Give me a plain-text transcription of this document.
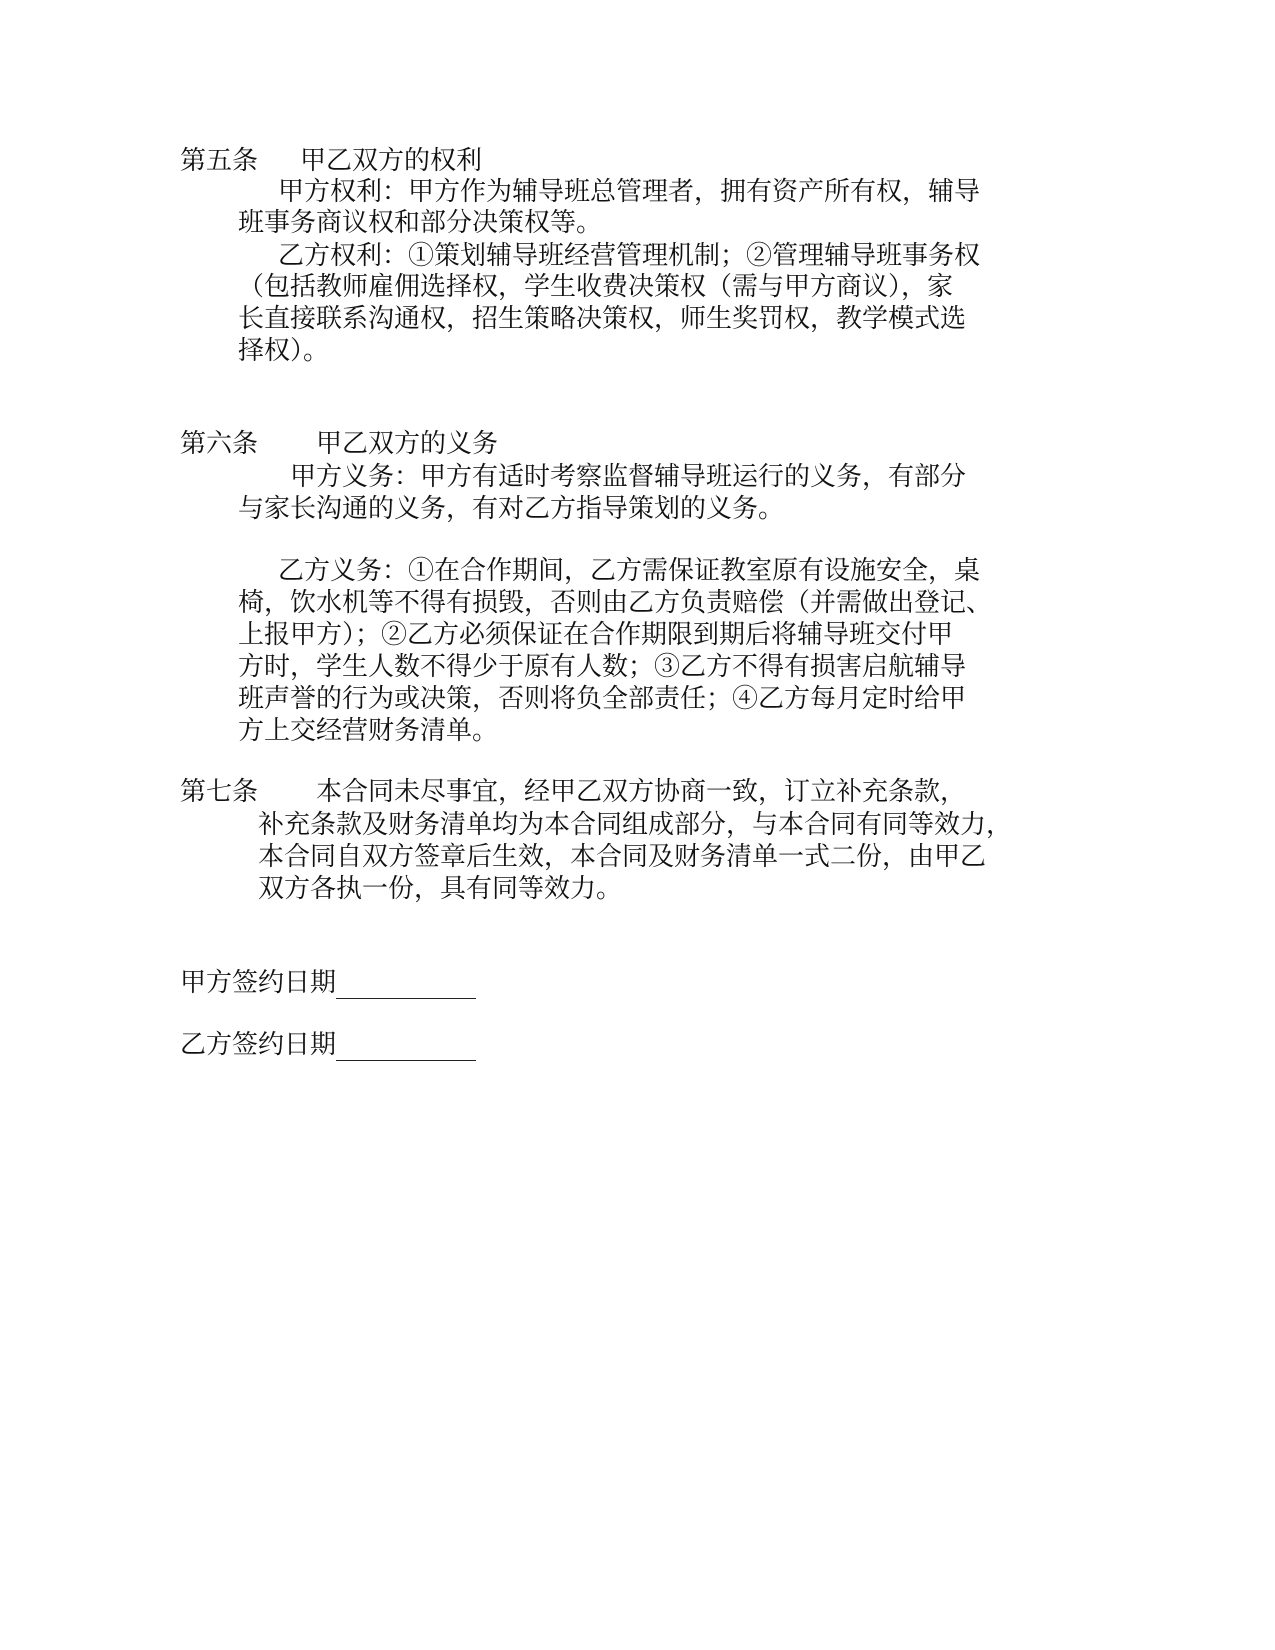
第五条 甲乙双方的权利
甲方权利：甲方作为辅导班总管理者，拥有资产所有权，辅导
班事务商议权和部分决策权等。
乙方权利：①策划辅导班经营管理机制；②管理辅导班事务权
（包括教师雇佣选择权，学生收费决策权（需与甲方商议），家
长直接联系沟通权，招生策略决策权，师生奖罚权，教学模式选
择权）。
第六条 甲乙双方的义务
甲方义务：甲方有适时考察监督辅导班运行的义务，有部分
与家长沟通的义务，有对乙方指导策划的义务。
乙方义务：①在合作期间，乙方需保证教室原有设施安全，桌
椅，饮水机等不得有损毁，否则由乙方负责赔偿（并需做出登记、
上报甲方）；②乙方必须保证在合作期限到期后将辅导班交付甲
方时，学生人数不得少于原有人数；③乙方不得有损害启航辅导
班声誉的行为或决策，否则将负全部责任；④乙方每月定时给甲
方上交经营财务清单。
第七条 本合同未尽事宜，经甲乙双方协商一致，订立补充条款，
补充条款及财务清单均为本合同组成部分，与本合同有同等效力，
本合同自双方签章后生效，本合同及财务清单一式二份，由甲乙
双方各执一份，具有同等效力。
甲方签约日期
乙方签约日期
